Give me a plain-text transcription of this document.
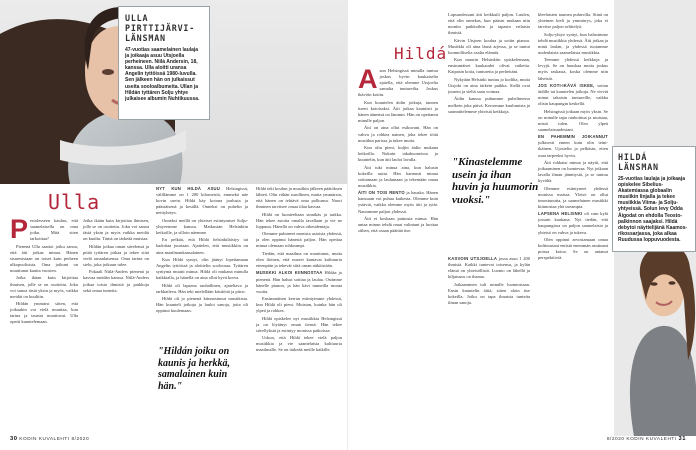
ULLA PIRTTIJÄRVI-LÄNSMAN
47-vuotias saamelainen laulaja ja joikaaja asuu Utsjoella perheineen. Niilá Andersin, 18, kanssa. Ulla aloitti uransa Angelin tyttöissä 1980-luvulla. Sen jälkeen hän on julkaissut useita sooloalbumeita. Ullan ja Hildán tyttären Solju yhtye julkaisee albumin Nuhtikuussa.
Ulla

P ertolesseen kauluu, että saamelaisella on oma joiku. Mitä siten tarkoittaa?

Pienenä Ulla saattoi joiku sanoa, että äiti joikaa minua. Hänen sisaresistaan on toiset kuin perheen ulkopuolisista. Oma joikuni on muuttunut kautta vuosien.

Joika ikäan kuin kirjoittaa ihmisen, jolle se on osoitettu. Joku voi sanoa tästä yksin ja myös, vaikka meidät on kuultiin.

Hildán ymmärsi sitten, että joikaakin voi vielä muuttaa, kun tarina ja taustat muuttuvat. Ulla opetti kuuntelemaan.

Joika ikään kuin kirjoittaa ihmisen, jolle se on osoitettu. Joku voi sanoa tästä yksin ja myös vaikka meidät on kuultu. Tämä on tärkeää muistaa.

Hildán joikaa oman sävelensä ja pitää tyttären joikaa ja tekee siitä vielä omanlaisensa. Oma tarina on sielu, joka joikuun tulee.

Pokaali Niilá-Anders pienenä ja kasvaa meidän kanssa. Niilá-Anders joikaa toisia ihmisiä ja paikkoja sekä omaa tunteita.

NYT KUN HILDÁ ASUU Helsingissä, välillämme on 1 200 kilometriä, emmekä näe kovin usein. Hildá käy kotona joulusta ja pääsiäisenä ja kesällä. Onneksi on puhelin ja nettiyhteys.

Onneksi meillä on yhteiset esiintymiset Solju-yhtyeemme kanssa. Matkustan Helsinkiin keikoille, ja silloin näemme.

En pelkää, että Hildá helsinkiläistyy tai kadottaa juuriaan. Ajattelen, että musiikkiin on aina maailmankansalainen.

Kun Hildá syntyi, olin jäänyt lopettamaan Angelin tyttöissä ja aloittelin soolouraa. Tyttären syntymä muutti minua. Hildá oli mukana minulla kaikkialla, ja hänellä on aina ollut hyvä korva.

Hildá oli lapsena rauhallinen, ajateltava ja tarkkaileva. Hän teki mielellään käsitöitä ja piirsi.

Hildá oli jo pienenä kiinnostunut musiikista. Hän kuunteli joikuja ja lauloi sanoja, joita oli oppinut kuulemaan.

"Hildán joiku on kaunis ja herkkä, samalainen kuin hän."

Hildá teki koulun ja musiikin jälkeen päätöksen lähteä. Olin vähän surullinen, mutta ymmärsin, että hänen on tehtävä oma polkunsa. Nuori ihminen tarvitsee omaa tilaa kasvaa.

Hildá on luonteeltaan sinnikäs ja tarkka. Hän tekee asioita omalla tavallaan ja vie ne loppuun. Hänellä on vahva oikeudentaju.

Olemme puhuneet monista asioista yhdessä, ja olen oppinut hänestä paljon. Hän opettaa minua olemaan rohkeampi.

Tiedän, että maailma on muuttunut, mutta olen iloinen, että nuoret kantavat kulttuuria eteenpäin ja tekevät siitä oman näköistään.

MUSIIKKI ALKOI KIINNOSTAA Hildáa jo pienenä. Hän halusi soittaa ja laulaa. Ostimme hänelle pianon, ja hän kävi tunneilla monta vuotta.

Ensimmäisen kerran esiintyimme yhdessä, kun Hildá oli pieni. Muistan, kuinka hän oli ylpeä ja rohkea.

Hildá opiskelee nyt musiikkia Helsingissä ja on löytänyt oman tiensä. Hän tekee sävellyksiä ja esiintyy monissa paikoissa.

Uskon, että Hildá tekee vielä paljon musiikkia ja vie saamelaista kulttuuria maailmalle. Se on tärkeää meille kaikille.

30 KODIN KUVALEHTI 8/2020
Hildá

A sun Helsingissä minulla tuntuu joskus hyvin kaukaiselta ajatella, että olemme Utsjoelta samalta tuntureilta. Joskus ikävöin kotiin.

Kun kuuntelen äidin joikuja, tunnen itseni kotoisaksi. Äiti joikaa kauniisti ja hänen äänensä on lämmin. Hän on opettanut minulle paljon.

Äiti on aina ollut esikuvani. Hän on vahva ja rohkea nainen, joka tekee töitä musiikin parissa ja tukee muita.

Kun olin pieni, kuljin äidin mukana keikoilla. Nukuin takahuoneissa ja kuuntelin, kun äiti lauloi lavalla.

Äiti tuki minua aina, kun halusin kokeilla uutta. Hän kannusti minua soittamaan ja laulamaan ja tekemään omaa musiikkia.

ÄITI ON TOSI RENTO ja hauska. Hänen kanssaan voi puhua kaikesta. Olemme kuin ystäviä, vaikka olemme myös äiti ja tytär. Nauramme paljon yhdessä.

Äiti ei koskaan painosta minua. Hän antaa minun tehdä omat valintani ja luottaa siihen, että osaan päättää itse.

Lapsuudessani äiti keikkaili paljon. Luulen, että olin onnekas, kun pääsin mukaan niin moniin paikkoihin ja tapasin erilaisia ihmisiä.

Kävin Utsjoen koulua ja soitin pianoa. Musiikki oli aina läsnä arjessa, ja se tuntui luonnolliselta osalta elämää.

Kun muutin Helsinkiin opiskelemaan, ensimmäiset kuukaudet olivat vaikeita. Kaipasin kotia, tuntureita ja perhettäni.

Nykyään Helsinki tuntuu jo kodilta, mutta Utsjoki on aina tärkein paikka. Siellä ovat juureni ja sieltä saan voimaa.

Äidin kanssa puhumme puhelimessa melkein joka päivä. Kerromme kuulumisia ja suunnittelemme yhteisiä keikkoja.

"Kinastelemme usein ja ihan huvin ja huumorin vuoksi."

KASVOIN UTSJOELLA jossa asuu 1 200 ihmistä. Kaikki tuntevat toisensa, ja kylän elämä on yhteisöllistä. Luonto on lähellä ja hiljaisuus on ihanaa.

Joikaaminen tuli minulle luonnostaan. Ensin kuuntelin äitiä, sitten aloin itse kokeilla. Joiku on tapa ilmaista tunteita ilman sanoja.

kleelaisten taumea puhuvilla. Siinä on yhteinen kieli ja ymmärrys, joka ei tarvitse paljon selittelyä.

Solju-yhtye syntyi, kun halusimme tehdä musiikkia yhdessä. Äiti joikaa ja minä laulan, ja yhdessä tuotamme uudenlaista saamelaista musiikkia.

Teemme yhdessä keikkoja ja levyjä. Se on hauskaa mutta joskus myös raskasta, koska olemme niin läheisiä.

JOS KOTI-IKÄVÄ ISKEE, soitan äidille tai kuuntelen joikuja. Ne vievät minut takaisin tuntureille, vaikka olisin kaupungin keskellä.

Helsingissä joikaan myös yksin. Se on minulle tapa rauhoittua ja muistaa, mistä tulen. Olen ylpeä saamelaisuudestani.

EN PAHEMMIN JOIKANNUT julkisesti ennen kuin olin teini-ikäinen. Ujostelin ja pelkäsin, etten osaa tarpeeksi hyvin.

Äiti rohkaisi minua ja näytti, että joikaaminen on luontevaa. Nyt joikaan lavalla ilman jännitystä, ja se tuntuu hyvältä.

Olemme esiintyneet yhdessä monissa maissa. Yleisö on ollut innostunutta, ja saamelainen musiikki kiinnostaa yhä useampia.

LAPSENA HELSINKI oli vain kylä jossain kaukana. Nyt tiedän, että kaupungissa on paljon saamelaisia ja yhteisö on vahva ja tukeva.

Olen oppinut arvostamaan omaa kulttuuriani entistä enemmän asuttuani poissa kotoa. Se on antanut perspektiiviä.

HILDÁ LÄNSMAN
25-vuotias laulaja ja joikaaja opiskelee Sibelius-Akatemiassa globaalin musiikin linjalla ja tekee musiikkia Viima- ja Solju-yhtyeissä. Solun levy Odda Áigodat on ehdolla Teosto-palkinnon saajaksi. Hildá debytoi näyttelijänä Kaamos-rikossarjassa, joka alkaa Ruudussa loppuvuodesta.
8/2020 KODIN KUVALEHTI 31
